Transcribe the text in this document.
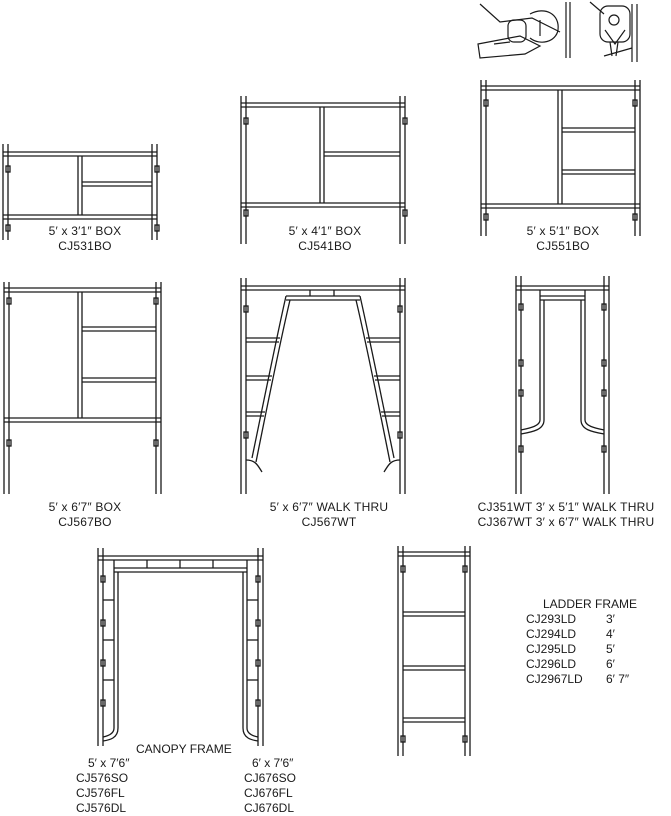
5′ x 3′1″ BOX
CJ531BO
5′ x 4′1″ BOX
CJ541BO
5′ x 5′1″ BOX
CJ551BO
5′ x 6′7″ BOX
CJ567BO
5′ x 6′7″ WALK THRU
CJ567WT
CJ351WT 3′ x 5′1″ WALK THRU
CJ367WT 3′ x 6′7″ WALK THRU
CANOPY FRAME
5′ x 7′6″
CJ576SO
CJ576FL
CJ576DL
6′ x 7′6″
CJ676SO
CJ676FL
CJ676DL
LADDER FRAME
CJ293LD	3′
CJ294LD	4′
CJ295LD	5′
CJ296LD	6′
CJ2967LD	6′ 7″
